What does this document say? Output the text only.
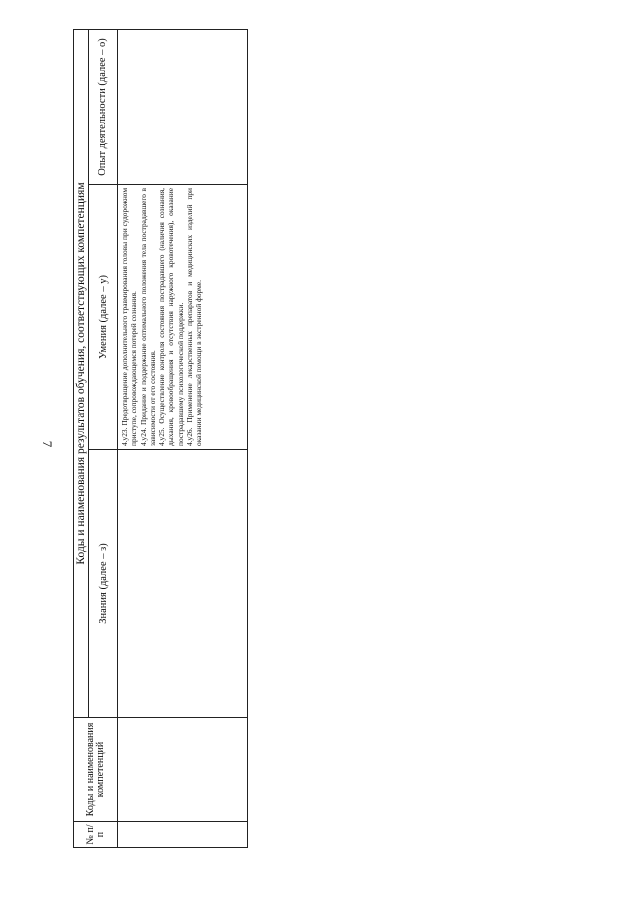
7
№ п/п	Коды и наименования компетенций	Коды и наименования результатов обучения, соответствующих компетенциям		
		Знания (далее – з)	Умения (далее – у)	Опыт деятельности (далее – о)

			4.у23. Предотвращение дополнительного травмирования головы при судорожном приступе, сопровождающемся потерей сознания. 4.у24. Придание и поддержание оптимального положения тела пострадавшего в зависимости от его состояния. 4.у25. Осуществление контроля состояния пострадавшего (наличия сознания, дыхания, кровообращения и отсутствия наружного кровотечения), оказание пострадавшему психологической поддержки. 4.у26. Применение лекарственных препаратов и медицинских изделий при оказании медицинской помощи в экстренной форме.	
